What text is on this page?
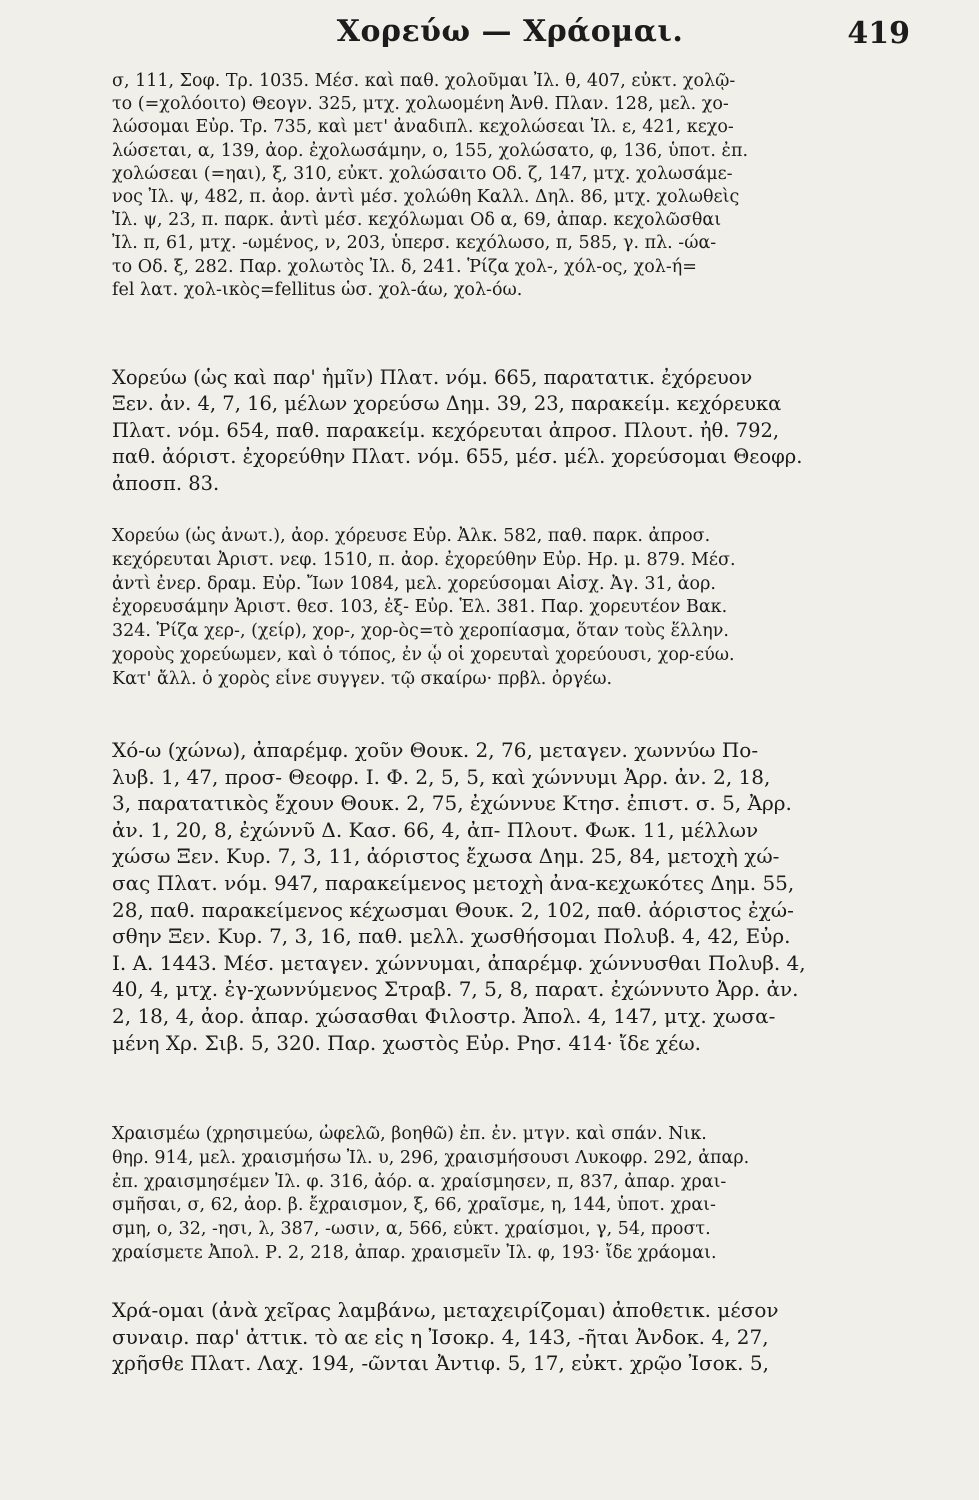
Χορεύω — Χράομαι.	419
σ, 111, Σοφ. Τρ. 1035. Μέσ. καὶ παθ. χολοῦμαι Ἰλ. θ, 407, εὐκτ. χολῷ-
το (=χολόοιτο) Θεογν. 325, μτχ. χολωομένη Ἀνθ. Πλαν. 128, μελ. χο-
λώσομαι Εὐρ. Τρ. 735, καὶ μετ' ἀναδιπλ. κεχολώσεαι Ἰλ. ε, 421, κεχο-
λώσεται, α, 139, ἀορ. ἐχολωσάμην, ο, 155, χολώσατο, φ, 136, ὑποτ. ἐπ.
χολώσεαι (=ηαι), ξ, 310, εὐκτ. χολώσαιτο Οδ. ζ, 147, μτχ. χολωσάμε-
νος Ἰλ. ψ, 482, π. ἀορ. ἀντὶ μέσ. χολώθη Καλλ. Δηλ. 86, μτχ. χολωθεὶς
Ἰλ. ψ, 23, π. παρκ. ἀντὶ μέσ. κεχόλωμαι Οδ α, 69, ἀπαρ. κεχολῶσθαι
Ἰλ. π, 61, μτχ. -ωμένος, ν, 203, ὑπερσ. κεχόλωσο, π, 585, γ. πλ. -ώα-
το Οδ. ξ, 282. Παρ. χολωτὸς Ἰλ. δ, 241. Ῥίζα χολ-, χόλ-ος, χολ-ή=
fel λατ. χολ-ικὸς=fellitus ὡσ. χολ-άω, χολ-όω.
Χορεύω (ὡς καὶ παρ' ἡμῖν) Πλατ. νόμ. 665, παρατατικ. ἐχόρευον
Ξεν. ἀν. 4, 7, 16, μέλων χορεύσω Δημ. 39, 23, παρακείμ. κεχόρευκα
Πλατ. νόμ. 654, παθ. παρακείμ. κεχόρευται ἀπροσ. Πλουτ. ἠθ. 792,
παθ. ἀόριστ. ἐχορεύθην Πλατ. νόμ. 655, μέσ. μέλ. χορεύσομαι Θεοφρ.
ἀποσπ. 83.
Χορεύω (ὡς ἀνωτ.), ἀορ. χόρευσε Εὐρ. Ἀλκ. 582, παθ. παρκ. ἀπροσ.
κεχόρευται Ἀριστ. νεφ. 1510, π. ἀορ. ἐχορεύθην Εὐρ. Ηρ. μ. 879. Μέσ.
ἀντὶ ἐνερ. δραμ. Εὐρ. Ἴων 1084, μελ. χορεύσομαι Αἰσχ. Ἀγ. 31, ἀορ.
ἐχορευσάμην Ἀριστ. θεσ. 103, ἐξ- Εὐρ. Ἑλ. 381. Παρ. χορευτέον Βακ.
324. Ῥίζα χερ-, (χείρ), χορ-, χορ-ὸς=τὸ χεροπίασμα, ὅταν τοὺς ἕλλην.
χοροὺς χορεύωμεν, καὶ ὁ τόπος, ἐν ᾧ οἱ χορευταὶ χορεύουσι, χορ-εύω.
Κατ' ἄλλ. ὁ χορὸς εἶνε συγγεν. τῷ σκαίρω· πρβλ. ὀργέω.
Χό-ω (χώνω), ἀπαρέμφ. χοῦν Θουκ. 2, 76, μεταγεν. χωννύω Πο-
λυβ. 1, 47, προσ- Θεοφρ. Ι. Φ. 2, 5, 5, καὶ χώννυμι Ἀρρ. ἀν. 2, 18,
3, παρατατικὸς ἔχουν Θουκ. 2, 75, ἐχώννυε Κτησ. ἐπιστ. σ. 5, Ἀρρ.
ἀν. 1, 20, 8, ἐχώννῦ Δ. Κασ. 66, 4, ἀπ- Πλουτ. Φωκ. 11, μέλλων
χώσω Ξεν. Κυρ. 7, 3, 11, ἀόριστος ἔχωσα Δημ. 25, 84, μετοχὴ χώ-
σας Πλατ. νόμ. 947, παρακείμενος μετοχὴ ἀνα-κεχωκότες Δημ. 55,
28, παθ. παρακείμενος κέχωσμαι Θουκ. 2, 102, παθ. ἀόριστος ἐχώ-
σθην Ξεν. Κυρ. 7, 3, 16, παθ. μελλ. χωσθήσομαι Πολυβ. 4, 42, Εὐρ.
Ι. Α. 1443. Μέσ. μεταγεν. χώννυμαι, ἀπαρέμφ. χώννυσθαι Πολυβ. 4,
40, 4, μτχ. ἐγ-χωννύμενος Στραβ. 7, 5, 8, παρατ. ἐχώννυτο Ἀρρ. ἀν.
2, 18, 4, ἀορ. ἀπαρ. χώσασθαι Φιλοστρ. Ἀπολ. 4, 147, μτχ. χωσα-
μένη Χρ. Σιβ. 5, 320. Παρ. χωστὸς Εὐρ. Ρησ. 414· ἴδε χέω.
Χραισμέω (χρησιμεύω, ὠφελῶ, βοηθῶ) ἐπ. ἐν. μτγν. καὶ σπάν. Νικ.
θηρ. 914, μελ. χραισμήσω Ἰλ. υ, 296, χραισμήσουσι Λυκοφρ. 292, ἀπαρ.
ἐπ. χραισμησέμεν Ἰλ. φ. 316, ἀόρ. α. χραίσμησεν, π, 837, ἀπαρ. χραι-
σμῆσαι, σ, 62, ἀορ. β. ἔχραισμον, ξ, 66, χραῖσμε, η, 144, ὑποτ. χραι-
σμη, ο, 32, -ησι, λ, 387, -ωσιν, α, 566, εὐκτ. χραίσμοι, γ, 54, προστ.
χραίσμετε Ἀπολ. Ρ. 2, 218, ἀπαρ. χραισμεῖν Ἰλ. φ, 193· ἴδε χράομαι.
Χρά-ομαι (ἀνὰ χεῖρας λαμβάνω, μεταχειρίζομαι) ἀποθετικ. μέσον
συναιρ. παρ' ἀττικ. τὸ αε εἰς η Ἰσοκρ. 4, 143, -ῆται Ἀνδοκ. 4, 27,
χρῆσθε Πλατ. Λαχ. 194, -ῶνται Ἀντιφ. 5, 17, εὐκτ. χρῷο Ἰσοκ. 5,
